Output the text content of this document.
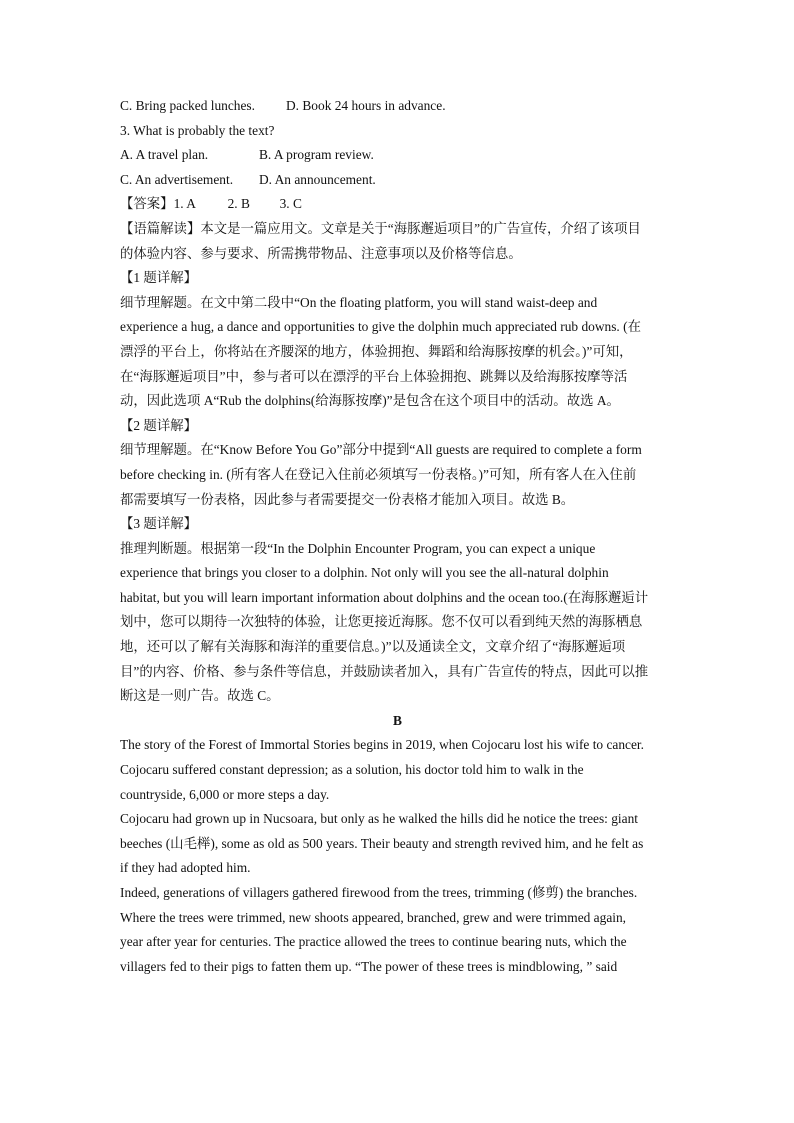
C. Bring packed lunches. D. Book 24 hours in advance.
3. What is probably the text?
A. A travel plan.	B. A program review.
C. An advertisement. D. An announcement.
【答案】1. A 2. B 3. C
【语篇解读】本文是一篇应用文。文章是关于“海豚邂逅项目”的广告宣传，介绍了该项目
的体验内容、参与要求、所需携带物品、注意事项以及价格等信息。
【1 题详解】
细节理解题。在文中第二段中“On the floating platform, you will stand waist-deep and
experience a hug, a dance and opportunities to give the dolphin much appreciated rub downs. (在
漂浮的平台上，你将站在齐腰深的地方，体验拥抱、舞蹈和给海豚按摩的机会。)”可知，
在“海豚邂逅项目”中，参与者可以在漂浮的平台上体验拥抱、跳舞以及给海豚按摩等活
动，因此选项 A“Rub the dolphins(给海豚按摩)”是包含在这个项目中的活动。故选 A。
【2 题详解】
细节理解题。在“Know Before You Go”部分中提到“All guests are required to complete a form
before checking in. (所有客人在登记入住前必须填写一份表格。)”可知，所有客人在入住前
都需要填写一份表格，因此参与者需要提交一份表格才能加入项目。故选 B。
【3 题详解】
推理判断题。根据第一段“In the Dolphin Encounter Program, you can expect a unique
experience that brings you closer to a dolphin. Not only will you see the all-natural dolphin
habitat, but you will learn important information about dolphins and the ocean too.(在海豚邂逅计
划中，您可以期待一次独特的体验，让您更接近海豚。您不仅可以看到纯天然的海豚栖息
地，还可以了解有关海豚和海洋的重要信息。)”以及通读全文，文章介绍了“海豚邂逅项
目”的内容、价格、参与条件等信息，并鼓励读者加入，具有广告宣传的特点，因此可以推
断这是一则广告。故选 C。
B
The story of the Forest of Immortal Stories begins in 2019, when Cojocaru lost his wife to cancer.
Cojocaru suffered constant depression; as a solution, his doctor told him to walk in the
countryside, 6,000 or more steps a day.
Cojocaru had grown up in Nucsoara, but only as he walked the hills did he notice the trees: giant
beeches (山毛榉), some as old as 500 years. Their beauty and strength revived him, and he felt as
if they had adopted him.
Indeed, generations of villagers gathered firewood from the trees, trimming (修剪) the branches.
Where the trees were trimmed, new shoots appeared, branched, grew and were trimmed again,
year after year for centuries. The practice allowed the trees to continue bearing nuts, which the
villagers fed to their pigs to fatten them up. “The power of these trees is mindblowing, ” said
